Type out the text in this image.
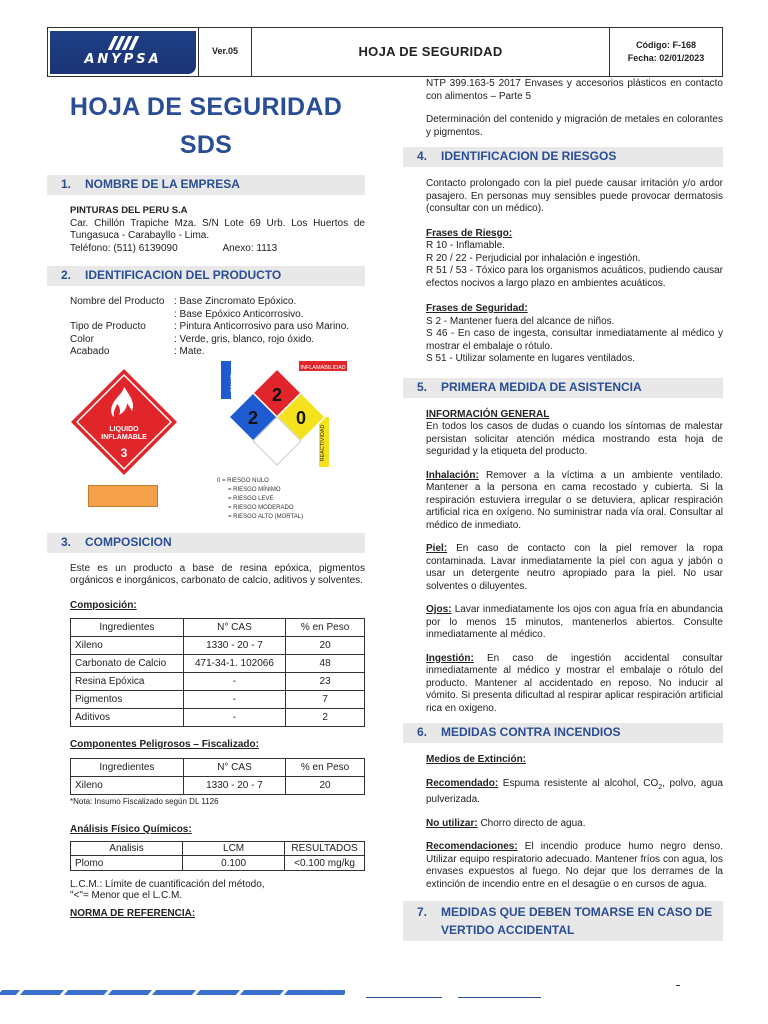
ANYPSA
Ver.05	HOJA DE SEGURIDAD	Código: F-168
Fecha: 02/01/2023
HOJA DE SEGURIDAD
SDS
1. NOMBRE DE LA EMPRESA
PINTURAS DEL PERU S.A
Car. Chillón Trapiche Mza. S/N Lote 69 Urb. Los Huertos de Tungasuca - Carabayllo - Lima.
Teléfono: (511) 6139090	Anexo: 1113
2. IDENTIFICACION DEL PRODUCTO
Nombre del Producto : Base Zincromato Epóxico.
: Base Epóxico Anticorrosivo.
Tipo de Producto	: Pintura Anticorrosivo para uso Marino.
Color	: Verde, gris, blanco, rojo óxido.
Acabado	: Mate.
LIQUIDO
INFLAMABLE
3
INFLAMABILIDAD
SALUD
REACTIVIDAD
2
2 0
0 = RIESGO NULO
= RIESGO MÍNIMO
= RIESGO LEVE
= RIESGO MODERADO
= RIESGO ALTO (MORTAL)
3. COMPOSICION
Este es un producto a base de resina epóxica, pigmentos orgánicos e inorgánicos, carbonato de calcio, aditivos y solventes.
Composición:
Ingredientes	N° CAS	% en Peso
Xileno	1330 - 20 - 7	20
Carbonato de Calcio	471-34-1. 102066	48
Resina Epóxica	-	23
Pigmentos	-	7
Aditivos	-	2
Componentes Peligrosos – Fiscalizado:
Ingredientes	N° CAS	% en Peso
Xileno	1330 - 20 - 7	20
*Nota: Insumo Fiscalizado según DL 1126
Análisis Físico Químicos:
Analisis	LCM	RESULTADOS
Plomo	0.100	<0.100 mg/kg
L.C.M.: Límite de cuantificación del método,
"<"= Menor que el L.C.M.
NORMA DE REFERENCIA:
NTP 399.163-5 2017 Envases y accesorios plásticos en contacto con alimentos – Parte 5
Determinación del contenido y migración de metales en colorantes y pigmentos.
4. IDENTIFICACION DE RIESGOS
Contacto prolongado con la piel puede causar irritación y/o ardor pasajero. En personas muy sensibles puede provocar dermatosis (consultar con un médico).
Frases de Riesgo:
R 10 - Inflamable.
R 20 / 22 - Perjudicial por inhalación e ingestión.
R 51 / 53 - Tóxico para los organismos acuáticos, pudiendo causar efectos nocivos a largo plazo en ambientes acuáticos.
Frases de Seguridad:
S 2 - Mantener fuera del alcance de niños.
S 46 - En caso de ingesta, consultar inmediatamente al médico y mostrar el embalaje o rótulo.
S 51 - Utilizar solamente en lugares ventilados.
5. PRIMERA MEDIDA DE ASISTENCIA
INFORMACIÓN GENERAL
En todos los casos de dudas o cuando los síntomas de malestar persistan solicitar atención médica mostrando esta hoja de seguridad y la etiqueta del producto.
Inhalación: Remover a la víctima a un ambiente ventilado. Mantener a la persona en cama recostado y cubierta. Si la respiración estuviera irregular o se detuviera, aplicar respiración artificial rica en oxígeno. No suministrar nada vía oral. Consultar al médico de inmediato.
Piel: En caso de contacto con la piel remover la ropa contaminada. Lavar inmediatamente la piel con agua y jabón o usar un detergente neutro apropiado para la piel. No usar solventes o diluyentes.
Ojos: Lavar inmediatamente los ojos con agua fría en abundancia por lo menos 15 minutos, mantenerlos abiertos. Consulte inmediatamente al médico.
Ingestión: En caso de ingestión accidental consultar inmediatamente al médico y mostrar el embalaje o rótulo del producto. Mantener al accidentado en reposo. No inducir al vómito. Si presenta dificultad al respirar aplicar respiración artificial rica en oxigeno.
6. MEDIDAS CONTRA INCENDIOS
Medios de Extinción:
Recomendado: Espuma resistente al alcohol, $CO_2$, polvo, agua pulverizada.
No utilizar: Chorro directo de agua.
Recomendaciones: El incendio produce humo negro denso. Utilizar equipo respiratorio adecuado. Mantener fríos con agua, los envases expuestos al fuego. No dejar que los derrames de la extinción de incendio entre en el desagüe o en cursos de agua.
7. MEDIDAS QUE DEBEN TOMARSE EN CASO DE
VERTIDO ACCIDENTAL
